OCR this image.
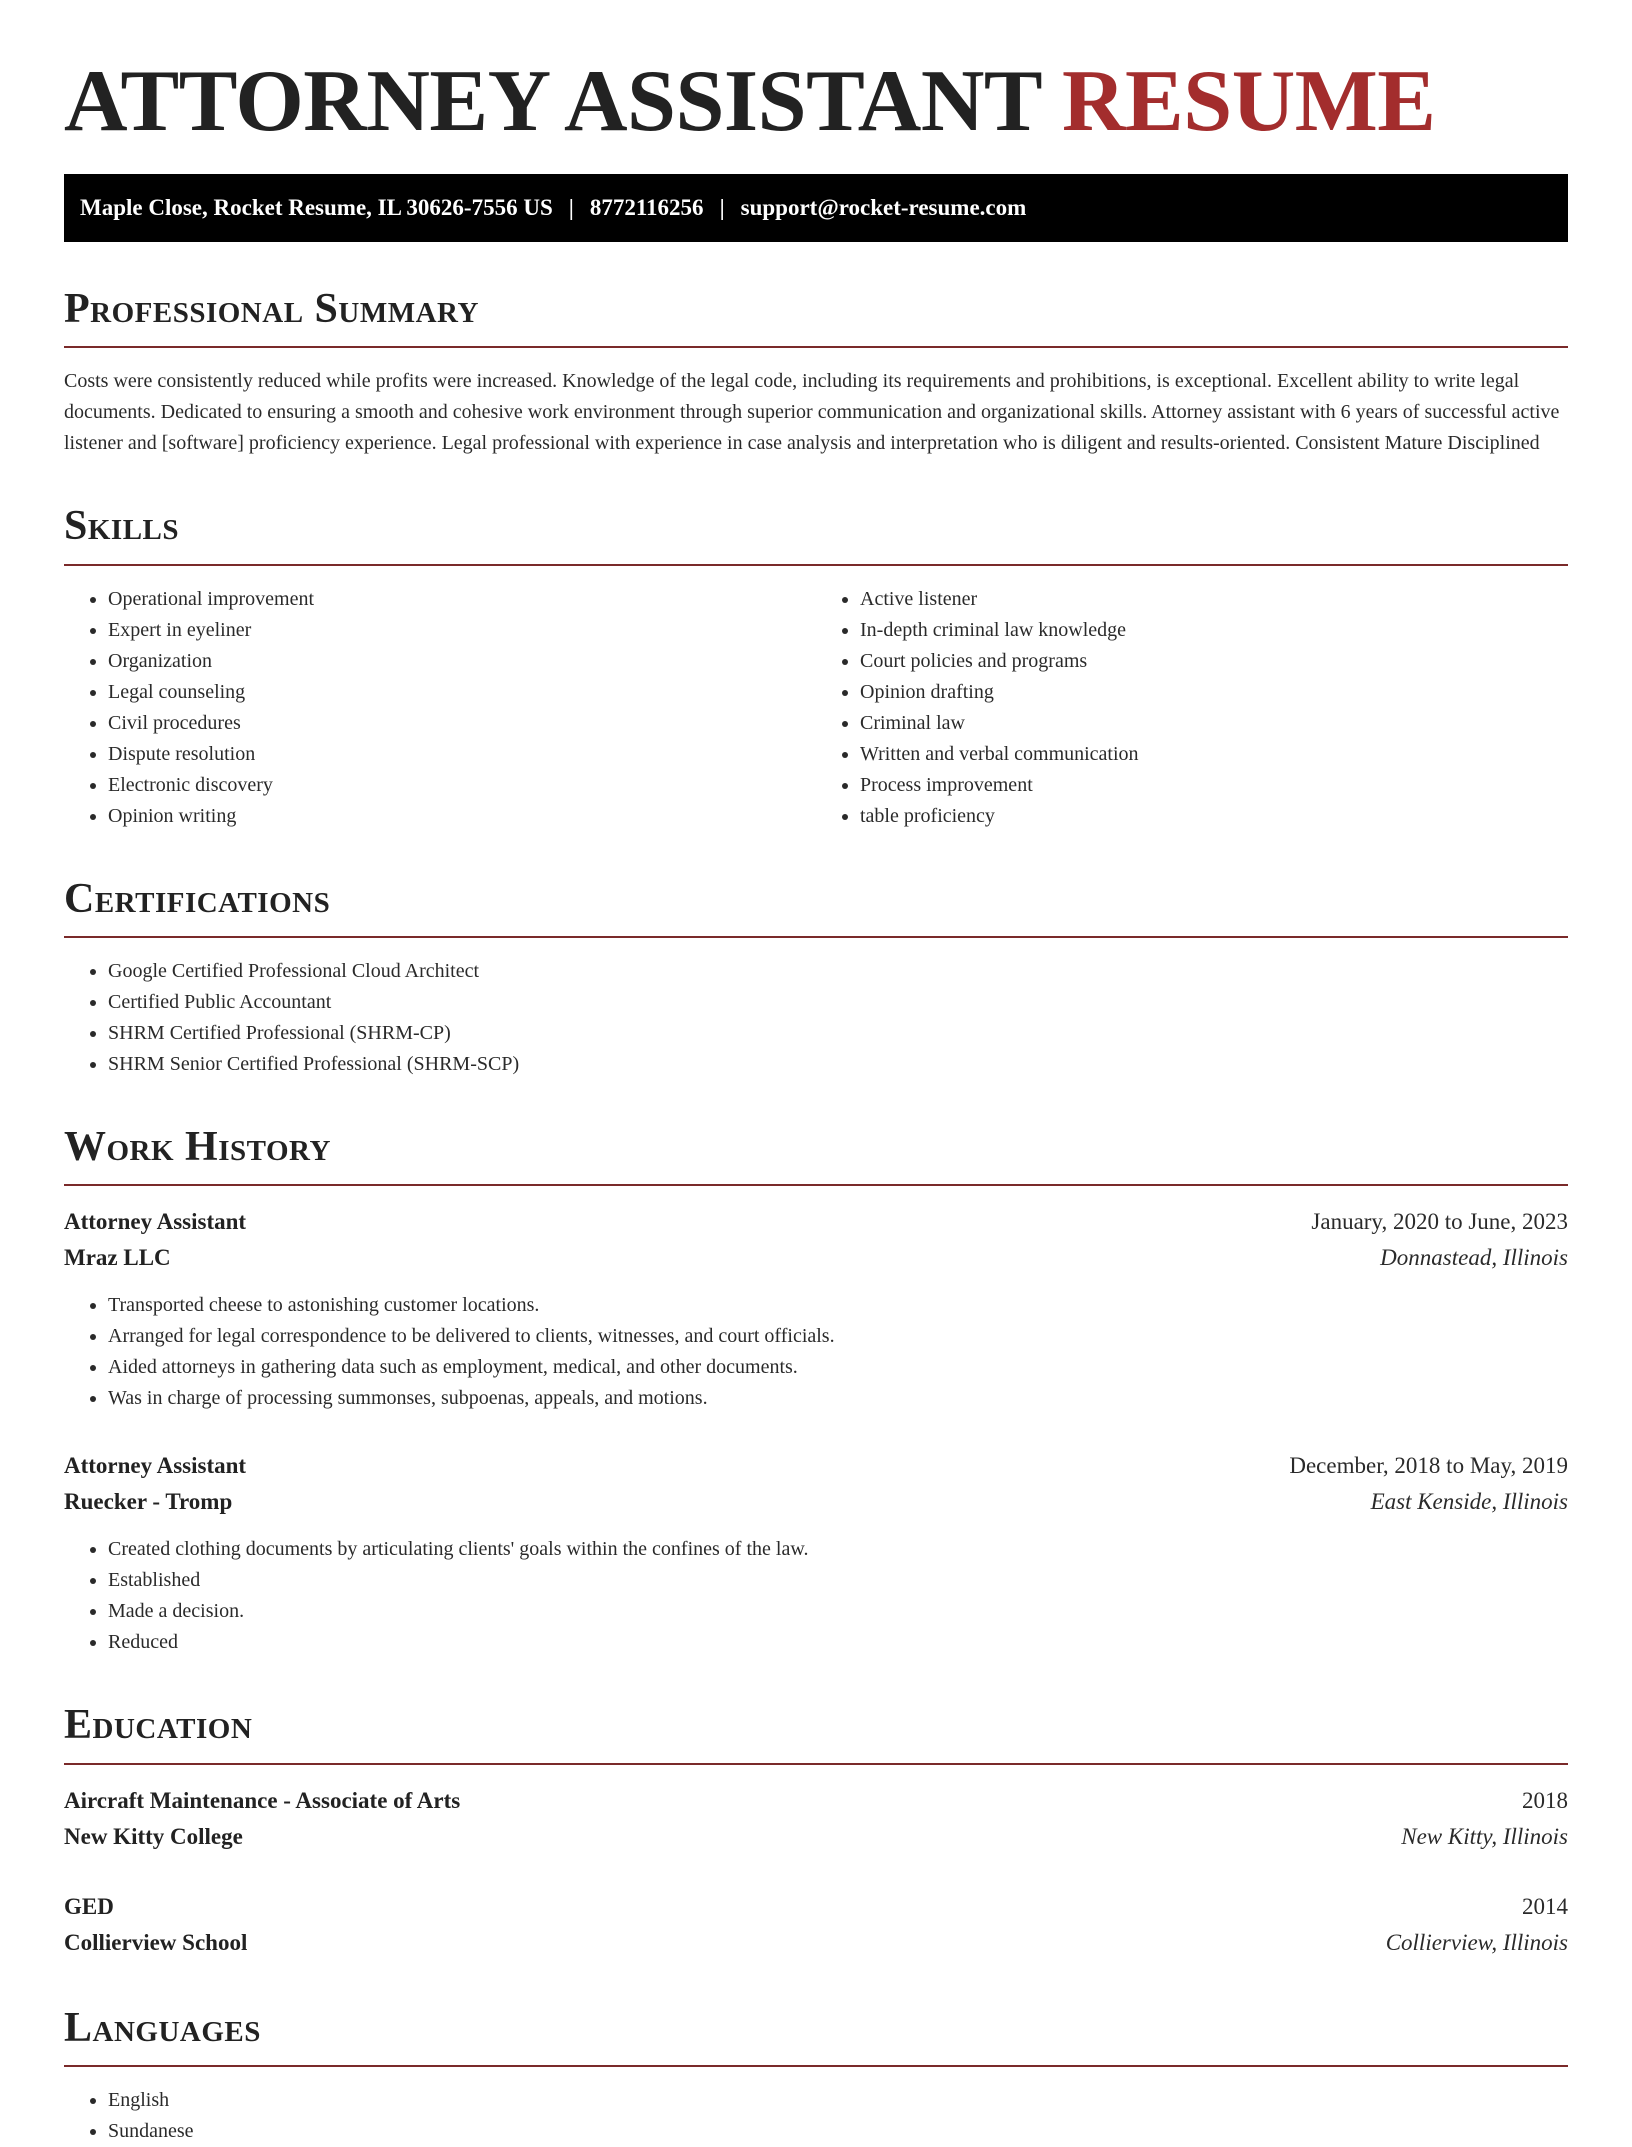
ATTORNEY ASSISTANT RESUME
Maple Close, Rocket Resume, IL 30626-7556 US | 8772116256 | support@rocket-resume.com
Professional Summary

Costs were consistently reduced while profits were increased. Knowledge of the legal code, including its requirements and prohibitions, is exceptional. Excellent ability to write legal documents. Dedicated to ensuring a smooth and cohesive work environment through superior communication and organizational skills. Attorney assistant with 6 years of successful active listener and [software] proficiency experience. Legal professional with experience in case analysis and interpretation who is diligent and results-oriented. Consistent Mature Disciplined

Skills
• Operational improvement
• Expert in eyeliner
• Organization
• Legal counseling
• Civil procedures
• Dispute resolution
• Electronic discovery
• Opinion writing
• Active listener
• In-depth criminal law knowledge
• Court policies and programs
• Opinion drafting
• Criminal law
• Written and verbal communication
• Process improvement
• table proficiency
Certifications
• Google Certified Professional Cloud Architect
• Certified Public Accountant
• SHRM Certified Professional (SHRM-CP)
• SHRM Senior Certified Professional (SHRM-SCP)
Work History
Attorney Assistant	January, 2020 to June, 2023
Mraz LLC	Donnastead, Illinois
• Transported cheese to astonishing customer locations.
• Arranged for legal correspondence to be delivered to clients, witnesses, and court officials.
• Aided attorneys in gathering data such as employment, medical, and other documents.
• Was in charge of processing summonses, subpoenas, appeals, and motions.
Attorney Assistant	December, 2018 to May, 2019
Ruecker - Tromp	East Kenside, Illinois
• Created clothing documents by articulating clients' goals within the confines of the law.
• Established
• Made a decision.
• Reduced
Education
Aircraft Maintenance - Associate of Arts	2018
New Kitty College	New Kitty, Illinois
GED	2014
Collierview School	Collierview, Illinois
Languages
• English
• Sundanese
